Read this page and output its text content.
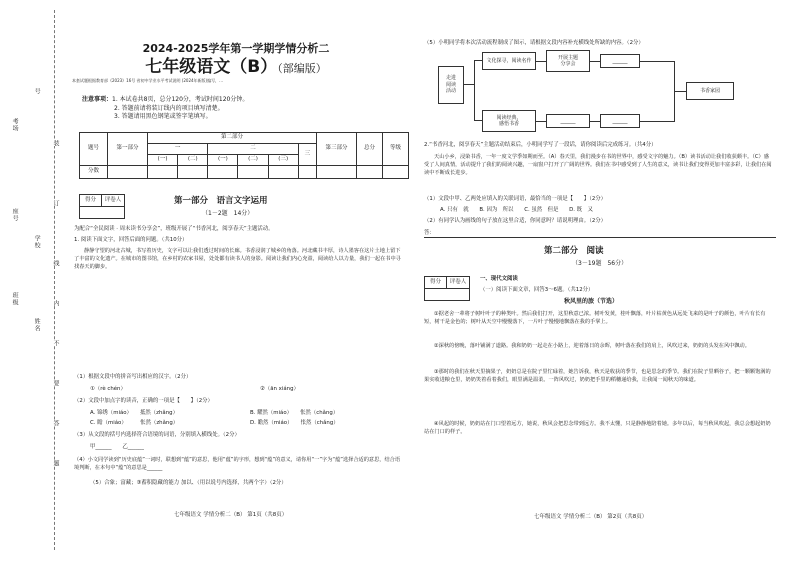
号
考场
座号
学校
班级
姓名
装
订
线
内
不
要
答
题
2024-2025学年第一学期学情分析二
七年级语文（B）（部编版）
本套试题根据教育部《2023》16号 省初中学业水平考试说明 (2024年新版)编写，…
注意事项：1. 本试卷共8页，总分120分，考试时间120分钟。
2. 答题前请将装订线内的项目填写清楚。
3. 答题请用黑色钢笔或签字笔填写。
题号	第一部分	第二部分						第三部分	总分	等级
		一		二			三			
		(一)	(二)	(一)	(二)	(三)				
分数										
得分 评卷人	第一部分　语言文字运用
（1－2题　14分）
为配合“全民阅读 · 周末读书分享会”，班级开展了“书香河北，阅享春天”主题活动。
1. 阅读下面文字，回答后面的问题。（共10分）
静静守望的河北古城，书写着历史，文字可以让我们透过时间的长廊。书香浸润了城乡的角落。河北藏书丰厚，诗人墨客在这片土地上留下了丰富的文化遗产。在城市的图书馆，在乡村的农家书屋，处处都有读书人的身影。阅读让我们内心充盈，阅读给人以力量，我们一起在书中寻找春天的脚步。
（1）根据文段中的拼音写出相应的汉字。（2分）
①（rè chén）	②（ān xiáng）
（2）文段中加点字的读音，正确的一项是【　　】（2分）
A. 锦绣（miáo）　　抵然（zhǎng）	B. 耀然（miáo）　　怅然（chǎng）
C. 瞻（miáo）　　　怅然（zhǎng）	D. 瞻然（miáo）　　怅然（chǎng）
（3）从文段的括号内选择符合语境的词语，分别填入横线处。（2分）
甲______　　乙______
（4）小文同学读到“历史底蕴”一词时，联想到“蕴”的意思，他用“蕴”的字形，想到“蕴”的意义，请你用“一”字为“蕴”选择合适的意思，结合语境判断，在本句中“蕴”的意思是______
（5）合象；富藏；③蓄积隐藏的能力 加以、（用以说号内选择，共两个字）（2分）
七年级语文 学情分析二（B） 第1页（共8页）
（5）小明同学将本次活动流程制成了图示，请根据文段内容补充横线处所缺的内容。（2分）
走进
阅读
活动
文化探寻，阅读名作
开展主题
分享会
______
阅读经典，
感悟书香
______	______
书香家园
2.“书香河北，阅享春天”主题活动结束后，小明同学写了一段话，请你阅读后完成练习。（共4分）
天山小乡，浸染书香，一年一度文学季如期而至。（A）春天里，我们漫步在书的世界中，感受文字的魅力。（B）读书活动让我们收获颇丰。（C）感受了人间真情，活动提升了我们的阅读兴趣，一扇窗户打开了广阔的世界。我们在书中感受到了人生的意义，读书让我们变得更加丰富多彩，让我们在阅读中不断成长进步。
（1）文段中甲、乙两处应填入的关联词语，最恰当的一项是【　　】（2分）
A. 只有　就　　B. 因为　所以　　C. 虽然　但是　　D. 既　又
（2）有同学认为画线的句子放在这里合适，你同意吗？请说明理由。（2分）
答：
第二部分　阅读
（3－19题　56分）
得分 评卷人	一、现代文阅读
（一）阅读下面文章，回答3～6题。（共12分）
秋风里的旅（节选）
①据老舍一辈将子树叶叶子的种类叶。然后我们打开，这里秋意已浓。树叶发黄，桂叶飘落，叶片枯黄色从远处飞来的是叶子的颜色，叶片有长有短，树干是金色的；树叶从天空中慢慢落下，一片叶子慢慢地飘落在我的手掌上。
②深秋的傍晚，落叶铺满了道路。我和奶奶一起走在小路上，迎着落日的余晖，树叶落在我们的肩上，风吹过来，奶奶的头发在风中飘动。
③那时的我们在秋天里摘果子，奶奶总是在院子里忙碌着，她告诉我，秋天是收获的季节，也是思念的季节。我们在院子里晒谷子，把一颗颗饱满的果实收进粮仓里，奶奶笑着看着我们，眼里满是温柔。一阵风吹过，奶奶把手里的稻穗递给我，让我闻一闻秋天的味道。
④风起的时候，奶奶站在门口望着远方，她说，秋风会把思念带到远方。我不太懂，只是静静地陪着她。多年以后，每当秋风吹起，我总会想起奶奶站在门口的样子。
七年级语文 学情分析二（B） 第2页（共8页）
